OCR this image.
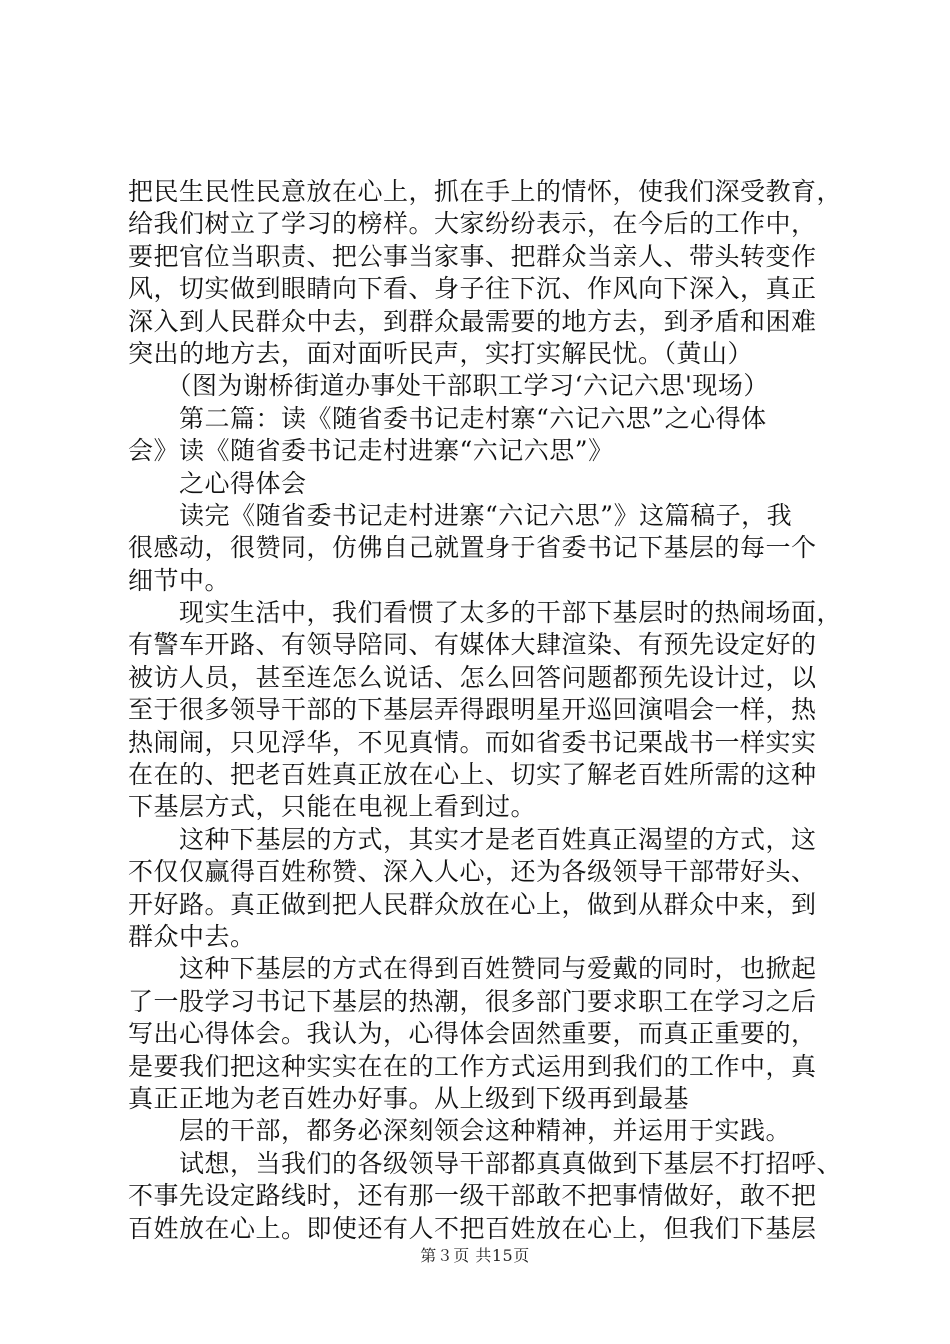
把民生民性民意放在心上，抓在手上的情怀，使我们深受教育，
给我们树立了学习的榜样。大家纷纷表示，在今后的工作中，
要把官位当职责、把公事当家事、把群众当亲人、带头转变作
风，切实做到眼睛向下看、身子往下沉、作风向下深入，真正
深入到人民群众中去，到群众最需要的地方去，到矛盾和困难
突出的地方去，面对面听民声，实打实解民忧。（黄山）
　　（图为谢桥街道办事处干部职工学习‘六记六思'现场）
　　第二篇：读《随省委书记走村寨“六记六思”之心得体
会》读《随省委书记走村进寨“六记六思”》
　　之心得体会
　　读完《随省委书记走村进寨“六记六思”》这篇稿子，我
很感动，很赞同，仿佛自己就置身于省委书记下基层的每一个
细节中。
　　现实生活中，我们看惯了太多的干部下基层时的热闹场面，
有警车开路、有领导陪同、有媒体大肆渲染、有预先设定好的
被访人员，甚至连怎么说话、怎么回答问题都预先设计过，以
至于很多领导干部的下基层弄得跟明星开巡回演唱会一样，热
热闹闹，只见浮华，不见真情。而如省委书记栗战书一样实实
在在的、把老百姓真正放在心上、切实了解老百姓所需的这种
下基层方式，只能在电视上看到过。
　　这种下基层的方式，其实才是老百姓真正渴望的方式，这
不仅仅赢得百姓称赞、深入人心，还为各级领导干部带好头、
开好路。真正做到把人民群众放在心上，做到从群众中来，到
群众中去。
　　这种下基层的方式在得到百姓赞同与爱戴的同时，也掀起
了一股学习书记下基层的热潮，很多部门要求职工在学习之后
写出心得体会。我认为，心得体会固然重要，而真正重要的，
是要我们把这种实实在在的工作方式运用到我们的工作中，真
真正正地为老百姓办好事。从上级到下级再到最基
　　层的干部，都务必深刻领会这种精神，并运用于实践。
　　试想，当我们的各级领导干部都真真做到下基层不打招呼、
不事先设定路线时，还有那一级干部敢不把事情做好，敢不把
百姓放在心上。即使还有人不把百姓放在心上，但我们下基层
第３页 共15页
